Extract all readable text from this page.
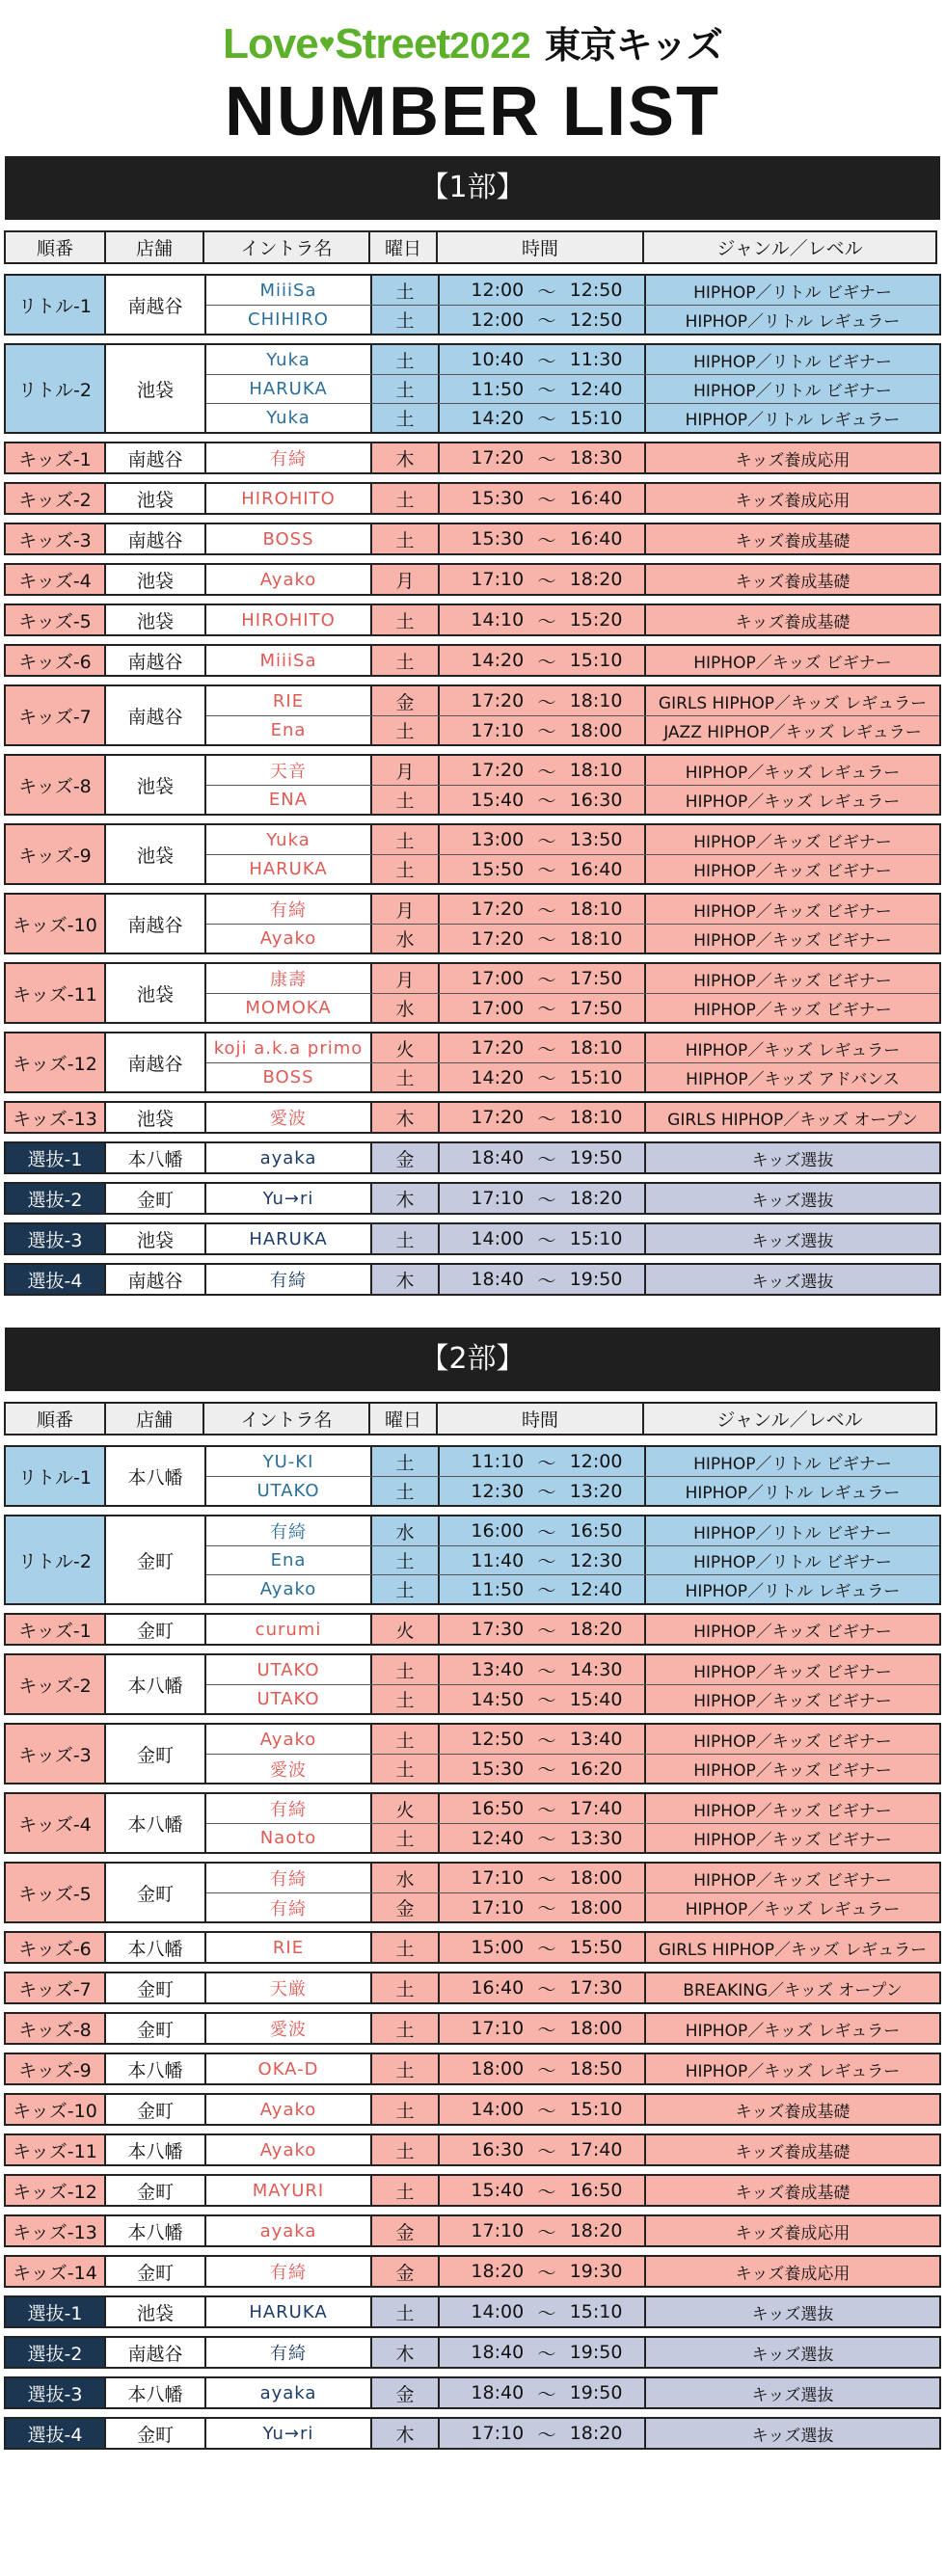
Love♥Street2022 東京キッズ
NUMBER LIST
【1部】
順番	店舗	イントラ名	曜日	時間	ジャンル／レベル
リトル-1	南越谷
MiiiSa	土	12:00 〜 12:50	HIPHOP／リトル ビギナー
CHIHIRO	土	12:00 〜 12:50	HIPHOP／リトル レギュラー
リトル-2	池袋
Yuka	土	10:40 〜 11:30	HIPHOP／リトル ビギナー
HARUKA	土	11:50 〜 12:40	HIPHOP／リトル ビギナー
Yuka	土	14:20 〜 15:10	HIPHOP／リトル レギュラー
キッズ-1	南越谷	有綺	木	17:20 〜 18:30	キッズ養成応用
キッズ-2	池袋	HIROHITO	土	15:30 〜 16:40	キッズ養成応用
キッズ-3	南越谷	BOSS	土	15:30 〜 16:40	キッズ養成基礎
キッズ-4	池袋	Ayako	月	17:10 〜 18:20	キッズ養成基礎
キッズ-5	池袋	HIROHITO	土	14:10 〜 15:20	キッズ養成基礎
キッズ-6	南越谷	MiiiSa	土	14:20 〜 15:10	HIPHOP／キッズ ビギナー
キッズ-7	南越谷
RIE	金	17:20 〜 18:10	GIRLS HIPHOP／キッズ レギュラー
Ena	土	17:10 〜 18:00	JAZZ HIPHOP／キッズ レギュラー
キッズ-8	池袋
天音	月	17:20 〜 18:10	HIPHOP／キッズ レギュラー
ENA	土	15:40 〜 16:30	HIPHOP／キッズ レギュラー
キッズ-9	池袋
Yuka	土	13:00 〜 13:50	HIPHOP／キッズ ビギナー
HARUKA	土	15:50 〜 16:40	HIPHOP／キッズ ビギナー
キッズ-10	南越谷
有綺	月	17:20 〜 18:10	HIPHOP／キッズ ビギナー
Ayako	水	17:20 〜 18:10	HIPHOP／キッズ ビギナー
キッズ-11	池袋
康壽	月	17:00 〜 17:50	HIPHOP／キッズ ビギナー
MOMOKA	水	17:00 〜 17:50	HIPHOP／キッズ ビギナー
キッズ-12	南越谷
koji a.k.a primo	火	17:20 〜 18:10	HIPHOP／キッズ レギュラー
BOSS	土	14:20 〜 15:10	HIPHOP／キッズ アドバンス
キッズ-13	池袋	愛波	木	17:20 〜 18:10	GIRLS HIPHOP／キッズ オープン
選抜-1	本八幡	ayaka	金	18:40 〜 19:50	キッズ選抜
選抜-2	金町	Yu→ri	木	17:10 〜 18:20	キッズ選抜
選抜-3	池袋	HARUKA	土	14:00 〜 15:10	キッズ選抜
選抜-4	南越谷	有綺	木	18:40 〜 19:50	キッズ選抜
【2部】
順番	店舗	イントラ名	曜日	時間	ジャンル／レベル
リトル-1	本八幡
YU-KI	土	11:10 〜 12:00	HIPHOP／リトル ビギナー
UTAKO	土	12:30 〜 13:20	HIPHOP／リトル レギュラー
リトル-2	金町
有綺	水	16:00 〜 16:50	HIPHOP／リトル ビギナー
Ena	土	11:40 〜 12:30	HIPHOP／リトル ビギナー
Ayako	土	11:50 〜 12:40	HIPHOP／リトル レギュラー
キッズ-1	金町	curumi	火	17:30 〜 18:20	HIPHOP／キッズ ビギナー
キッズ-2	本八幡
UTAKO	土	13:40 〜 14:30	HIPHOP／キッズ ビギナー
UTAKO	土	14:50 〜 15:40	HIPHOP／キッズ ビギナー
キッズ-3	金町
Ayako	土	12:50 〜 13:40	HIPHOP／キッズ ビギナー
愛波	土	15:30 〜 16:20	HIPHOP／キッズ ビギナー
キッズ-4	本八幡
有綺	火	16:50 〜 17:40	HIPHOP／キッズ ビギナー
Naoto	土	12:40 〜 13:30	HIPHOP／キッズ ビギナー
キッズ-5	金町
有綺	水	17:10 〜 18:00	HIPHOP／キッズ ビギナー
有綺	金	17:10 〜 18:00	HIPHOP／キッズ レギュラー
キッズ-6	本八幡	RIE	土	15:00 〜 15:50	GIRLS HIPHOP／キッズ レギュラー
キッズ-7	金町	天厳	土	16:40 〜 17:30	BREAKING／キッズ オープン
キッズ-8	金町	愛波	土	17:10 〜 18:00	HIPHOP／キッズ レギュラー
キッズ-9	本八幡	OKA-D	土	18:00 〜 18:50	HIPHOP／キッズ レギュラー
キッズ-10	金町	Ayako	土	14:00 〜 15:10	キッズ養成基礎
キッズ-11	本八幡	Ayako	土	16:30 〜 17:40	キッズ養成基礎
キッズ-12	金町	MAYURI	土	15:40 〜 16:50	キッズ養成基礎
キッズ-13	本八幡	ayaka	金	17:10 〜 18:20	キッズ養成応用
キッズ-14	金町	有綺	金	18:20 〜 19:30	キッズ養成応用
選抜-1	池袋	HARUKA	土	14:00 〜 15:10	キッズ選抜
選抜-2	南越谷	有綺	木	18:40 〜 19:50	キッズ選抜
選抜-3	本八幡	ayaka	金	18:40 〜 19:50	キッズ選抜
選抜-4	金町	Yu→ri	木	17:10 〜 18:20	キッズ選抜
